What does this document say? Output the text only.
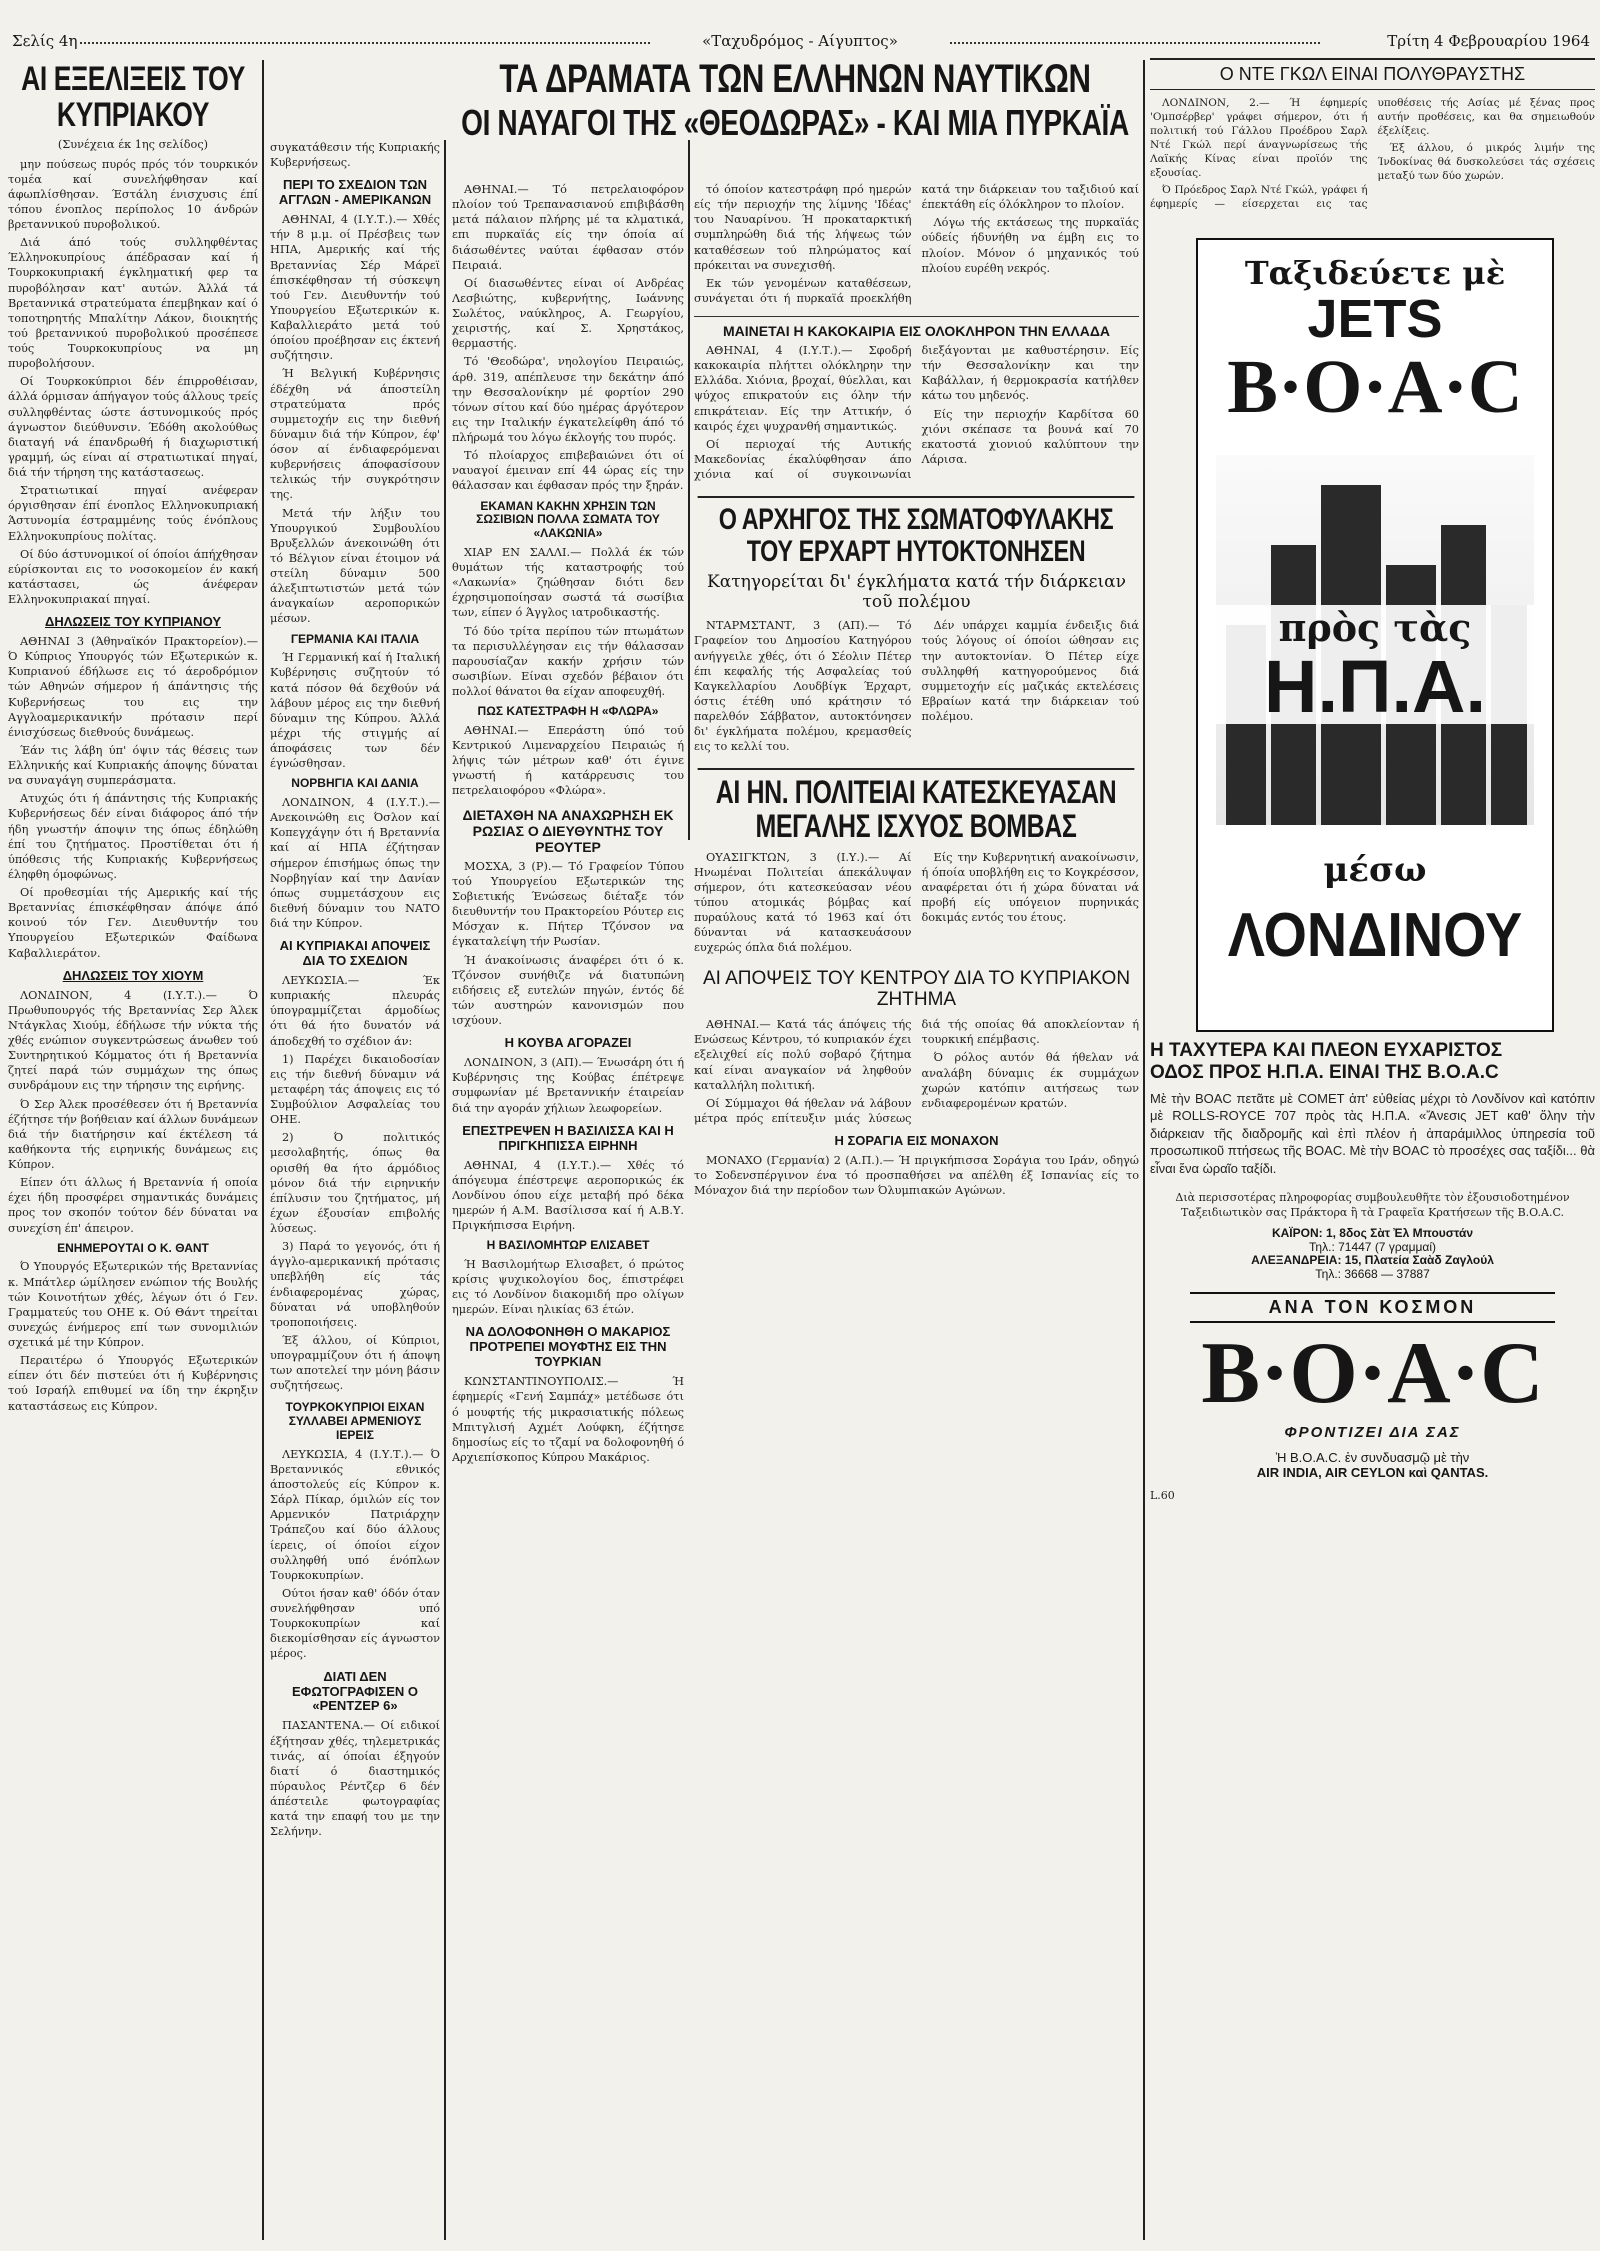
Σελίς 4η	«Ταχυδρόμος - Αίγυπτος»	Τρίτη 4 Φεβρουαρίου 1964
ΑΙ ΕΞΕΛΙΞΕΙΣ ΤΟΥ ΚΥΠΡΙΑΚΟΥ
(Συνέχεια έκ 1ης σελίδος)

μην πούσεως πυρός πρός τόν τουρκικόν τομέα καί συνελήφθησαν καί άφωπλίσθησαν. Έστάλη ένισχυσις έπί τόπου ένοπλος περίπολος 10 άνδρών βρεταννικού πυροβολικού.

Διά άπό τούς συλληφθέντας Έλληνοκυπρίους άπέδρασαν καί ή Τουρκοκυπριακή έγκληματική φερ τα πυροβόλησαν κατ' αυτών. Άλλά τά Βρεταννικά στρατεύματα έπεμβηκαν καί ό τοποτηρητής Μπαλίτην Λάκον, διοικητής τού βρεταννικού πυροβολικού προσέπεσε τούς Τουρκοκυπρίους να μη πυροβολήσουν.

Οί Τουρκοκύπριοι δέν έπιρροθέισαν, άλλά όρμισαν άπήγαγον τούς άλλους τρείς συλληφθέντας ώστε άστυνομικούς πρός άγνωστον διεύθυνσιν. Έδόθη ακολούθως διαταγή νά έπανδρωθή ή διαχωριστική γραμμή, ώς είναι αί στρατιωτικαί πηγαί, διά τήν τήρηση της κατάστασεως.

Στρατιωτικαί πηγαί ανέφεραν όργισθησαν έπί ένοπλος Ελληνοκυπριακή Άστυνομία έστραμμένης τούς ένόπλους Ελληνοκυπρίους πολίτας.

Οί δύο άστυνομικοί οί όποίοι άπήχθησαν εύρίσκονται εις το νοσοκομείον έν κακή κατάστασει, ώς άνέφεραν Ελληνοκυπριακαί πηγαί.

ΔΗΛΩΣΕΙΣ ΤΟΥ ΚΥΠΡΙΑΝΟΥ

ΑΘΗΝΑΙ 3 (Άθηναϊκόν Πρακτορείον).— Ό Κύπριος Υπουργός τών Εξωτερικών κ. Κυπριανού έδήλωσε εις τό άεροδρόμιον τών Αθηνών σήμερον ή άπάντησις τής Κυβερνήσεως του εις την Αγγλοαμερικανικήν πρότασιν περί ένισχύσεως διεθνούς δυνάμεως.

Έάν τις λάβη ύπ' όψιν τάς θέσεις των Ελληνικής καί Κυπριακής άποψης δύναται να συναγάγη συμπεράσματα.

Ατυχώς ότι ή άπάντησις τής Κυπριακής Κυβερνήσεως δέν είναι διάφορος άπό τήν ήδη γνωστήν άποψιν της όπως έδηλώθη έπί του ζητήματος. Προστίθεται ότι ή ύπόθεσις τής Κυπριακής Κυβερνήσεως έληφθη όμοφώνως.

Οί προθεσμίαι τής Αμερικής καί τής Βρεταννίας έπισκέφθησαν άπόψε άπό κοινού τόν Γεν. Διευθυντήν του Υπουργείου Εξωτερικών Φαίδωνα Καβαλλιεράτον.

ΔΗΛΩΣΕΙΣ ΤΟΥ ΧΙΟΥΜ

ΛΟΝΔΙΝΟΝ, 4 (Ι.Υ.Τ.).— Ό Πρωθυπουργός τής Βρεταννίας Σερ Άλεκ Ντάγκλας Χιούμ, έδήλωσε τήν νύκτα τής χθές ενώπιον συγκεντρώσεως άνωθεν τού Συντηρητικού Κόμματος ότι ή Βρεταννία ζητεί παρά τών συμμάχων της όπως συνδράμουν εις την τήρησιν της ειρήνης.

Ό Σερ Άλεκ προσέθεσεν ότι ή Βρεταννία έζήτησε τήν βοήθειαν καί άλλων δυνάμεων διά τήν διατήρησιν καί έκτέλεση τά καθήκοντα τής ειρηνικής δυνάμεως εις Κύπρον.

Είπεν ότι άλλως ή Βρεταννία ή οποία έχει ήδη προσφέρει σημαντικάς δυνάμεις προς τον σκοπόν τούτον δέν δύναται να συνεχίση έπ' άπειρον.

ΕΝΗΜΕΡΟΥΤΑΙ Ο Κ. ΘΑΝΤ

Ό Υπουργός Εξωτερικών τής Βρεταννίας κ. Μπάτλερ ώμίλησεν ενώπιον τής Βουλής τών Κοινοτήτων χθές, λέγων ότι ό Γεν. Γραμματεύς του ΟΗΕ κ. Ού Θάντ τηρείται συνεχώς ένήμερος επί των συνομιλιών σχετικά μέ την Κύπρον.

Περαιτέρω ό Υπουργός Εξωτερικών είπεν ότι δέν πιστεύει ότι ή Κυβέρνησις τού Ισραήλ επιθυμεί να ίδη την έκρηξιν καταστάσεως εις Κύπρον.

συγκατάθεσιν τής Κυπριακής Κυβερνήσεως.
ΠΕΡΙ ΤΟ ΣΧΕΔΙΟΝ ΤΩΝ ΑΓΓΛΩΝ - ΑΜΕΡΙΚΑΝΩΝ

ΑΘΗΝΑΙ, 4 (Ι.Υ.Τ.).— Χθές τήν 8 μ.μ. οί Πρέσβεις των ΗΠΑ, Αμερικής καί τής Βρεταννίας Σέρ Μάρεϊ έπισκέφθησαν τή σύσκεψη τού Γεν. Διευθυντήν τού Υπουργείου Εξωτερικών κ. Καβαλλιεράτο μετά τού όποίου προέβησαν εις έκτενή συζήτησιν.

Ή Βελγική Κυβέρνησις έδέχθη νά άποστείλη στρατεύματα πρός συμμετοχήν εις την διεθνή δύναμιν διά τήν Κύπρον, έφ' όσον αί ένδιαφερόμεναι κυβερνήσεις άποφασίσουν τελικώς τήν συγκρότησιν της.

Μετά τήν λήξιν του Υπουργικού Συμβουλίου Βρυξελλών άνεκοινώθη ότι τό Βέλγιον είναι έτοιμον νά στείλη δύναμιν 500 άλεξιπτωτιστών μετά τών άναγκαίων αεροπορικών μέσων.

ΓΕΡΜΑΝΙΑ ΚΑΙ ΙΤΑΛΙΑ

Ή Γερμανική καί ή Ιταλική Κυβέρνησις συζητούν τό κατά πόσον θά δεχθούν νά λάβουν μέρος εις την διεθνή δύναμιν της Κύπρου. Άλλά μέχρι τής στιγμής αί άποφάσεις των δέν έγνώσθησαν.

ΝΟΡΒΗΓΙΑ ΚΑΙ ΔΑΝΙΑ

ΛΟΝΔΙΝΟΝ, 4 (Ι.Υ.Τ.).— Ανεκοινώθη εις Όσλον καί Κοπεγχάγην ότι ή Βρεταννία καί αί ΗΠΑ έζήτησαν σήμερον έπισήμως όπως την Νορβηγίαν καί την Δανίαν όπως συμμετάσχουν εις διεθνή δύναμιν του ΝΑΤΟ διά την Κύπρον.

ΑΙ ΚΥΠΡΙΑΚΑΙ ΑΠΟΨΕΙΣ ΔΙΑ ΤΟ ΣΧΕΔΙΟΝ

ΛΕΥΚΩΣΙΑ.— Έκ κυπριακής πλευράς ύπογραμμίζεται άρμοδίως ότι θά ήτο δυνατόν νά άποδεχθή το σχέδιον άν:

1) Παρέχει δικαιοδοσίαν εις τήν διεθνή δύναμιν νά μεταφέρη τάς άποψεις εις τό Συμβούλιον Ασφαλείας του ΟΗΕ.

2) Ό πολιτικός μεσολαβητής, όπως θα ορισθή θα ήτο άρμόδιος μόνον διά τήν ειρηνικήν έπίλυσιν του ζητήματος, μή έχων έξουσίαν επιβολής λύσεως.

3) Παρά το γεγονός, ότι ή άγγλο-αμερικανική πρότασις υπεβλήθη είς τάς ένδιαφερομένας χώρας, δύναται νά υποβληθούν τροποποιήσεις.

Έξ άλλου, οί Κύπριοι, υπογραμμίζουν ότι ή άποψη των αποτελεί την μόνη βάσιν συζητήσεως.

ΤΟΥΡΚΟΚΥΠΡΙΟΙ ΕΙΧΑΝ ΣΥΛΛΑΒΕΙ ΑΡΜΕΝΙΟΥΣ ΙΕΡΕΙΣ

ΛΕΥΚΩΣΙΑ, 4 (Ι.Υ.Τ.).— Ό Βρεταννικός εθνικός άποστολεύς είς Κύπρον κ. Σάρλ Πίκαρ, όμιλών είς τον Αρμενικόν Πατριάρχην Τράπεζου καί δύο άλλους ίερεις, οί όποίοι είχον συλληφθή υπό ένόπλων Τουρκοκυπρίων.

Ούτοι ήσαν καθ' όδόν όταν συνελήφθησαν υπό Τουρκοκυπρίων καί διεκομίσθησαν είς άγνωστον μέρος.

ΔΙΑΤΙ ΔΕΝ ΕΦΩΤΟΓΡΑΦΙΣΕΝ Ο «ΡΕΝΤΖΕΡ 6»

ΠΑΣΑΝΤΕΝΑ.— Οί ειδικοί έξήτησαν χθές, τηλεμετρικάς τινάς, αί όποίαι έξηγούν διατί ό διαστημικός πύραυλος Ρέντζερ 6 δέν άπέστειλε φωτογραφίας κατά την επαφή του με την Σελήνην.

ΤΑ ΔΡΑΜΑΤΑ ΤΩΝ ΕΛΛΗΝΩΝ ΝΑΥΤΙΚΩΝ
ΟΙ ΝΑΥΑΓΟΙ ΤΗΣ «ΘΕΟΔΩΡΑΣ» - ΚΑΙ ΜΙΑ ΠΥΡΚΑΪΑ

ΑΘΗΝΑΙ.— Τό πετρελαιοφόρον πλοίον τού Τρεπανασιανού επιβιβάσθη μετά πάλαιον πλήρης μέ τα κλματικά, επι πυρκαϊάς είς την όποία αί διάσωθέντες ναύται έφθασαν στόν Πειραιά.

Οί διασωθέντες είναι οί Ανδρέας Λεσβιώτης, κυβερνήτης, Ιωάννης Σωλέτος, ναύκληρος, Α. Γεωργίου, χειριστής, καί Σ. Χρηστάκος, θερμαστής.

Τό 'Θεοδώρα', νηολογίου Πειραιώς, άρθ. 319, απέπλευσε την δεκάτην άπό την Θεσσαλονίκην μέ φορτίον 290 τόνων σίτου καί δύο ημέρας άργότερον εις την Ιταλικήν έγκατελείφθη άπό τό πλήρωμά του λόγω έκλογής του πυρός.

Τό πλοίαρχος επιβεβαιώνει ότι οί ναυαγοί έμειναν επί 44 ώρας είς την θάλασσαν και έφθασαν πρός την ξηράν.

ΕΚΑΜΑΝ ΚΑΚΗΝ ΧΡΗΣΙΝ ΤΩΝ ΣΩΣΙΒΙΩΝ ΠΟΛΛΑ ΣΩΜΑΤΑ ΤΟΥ «ΛΑΚΩΝΙΑ»

ΧΙΑΡ ΕΝ ΣΑΛΛΙ.— Πολλά έκ τών θυμάτων τής καταστροφής τού «Λακωνία» ζηώθησαν διότι δεν έχρησιμοποίησαν σωστά τά σωσίβια των, είπεν ό Άγγλος ιατροδικαστής.

Τό δύο τρίτα περίπου τών πτωμάτων τα περισυλλέγησαν εις τήν θάλασσαν παρουσίαζαν κακήν χρήσιν τών σωσιβίων. Είναι σχεδόν βέβαιον ότι πολλοί θάνατοι θα είχαν αποφευχθή.

ΠΩΣ ΚΑΤΕΣΤΡΑΦΗ Η «ΦΛΩΡΑ»

ΑΘΗΝΑΙ.— Επεράστη ύπό τού Κεντρικού Λιμεναρχείου Πειραιώς ή λήψις τών μέτρων καθ' ότι έγινε γνωστή ή κατάρρευσις του πετρελαιοφόρου «Φλώρα».

ΔΙΕΤΑΧΘΗ ΝΑ ΑΝΑΧΩΡΗΣΗ ΕΚ ΡΩΣΙΑΣ Ο ΔΙΕΥΘΥΝΤΗΣ ΤΟΥ ΡΕΟΥΤΕΡ

ΜΟΣΧΑ, 3 (Ρ).— Τό Γραφείον Τύπου τού Υπουργείου Εξωτερικών της Σοβιετικής Ένώσεως διέταξε τόν διευθυντήν του Πρακτορείου Ρόυτερ εις Μόσχαν κ. Πήτερ Τζόνσον να έγκαταλείψη τήν Ρωσίαν.

Ή άνακοίνωσις άναφέρει ότι ό κ. Τζόνσον συνήθιζε νά διατυπώνη ειδήσεις εξ ευτελών πηγών, έντός δέ τών αυστηρών κανονισμών που ισχύουν.

Η ΚΟΥΒΑ ΑΓΟΡΑΖΕΙ

ΛΟΝΔΙΝΟΝ, 3 (ΑΠ).— Ένωσάρη ότι ή Κυβέρνησις της Κούβας έπέτρεψε συμφωνίαν μέ Βρεταννικήν έταιρείαν διά την αγοράν χήλιων λεωφορείων.

ΕΠΕΣΤΡΕΨΕΝ Η ΒΑΣΙΛΙΣΣΑ ΚΑΙ Η ΠΡΙΓΚΗΠΙΣΣΑ ΕΙΡΗΝΗ

ΑΘΗΝΑΙ, 4 (Ι.Υ.Τ.).— Χθές τό άπόγευμα έπέστρεψε αεροπορικώς έκ Λονδίνου όπου είχε μεταβή πρό δέκα ημερών ή Α.Μ. Βασίλισσα καί ή Α.Β.Υ. Πριγκήπισσα Ειρήνη.

Η ΒΑΣΙΛΟΜΗΤΩΡ ΕΛΙΣΑΒΕΤ

Ή Βασιλομήτωρ Ελισαβετ, ό πρώτος κρίσις ψυχικολογίου δος, έπιστρέφει εις τό Λονδίνον διακομιδή προ ολίγων ημερών. Είναι ηλικίας 63 έτών.

ΝΑ ΔΟΛΟΦΟΝΗΘΗ Ο ΜΑΚΑΡΙΟΣ ΠΡΟΤΡΕΠΕΙ ΜΟΥΦΤΗΣ ΕΙΣ ΤΗΝ ΤΟΥΡΚΙΑΝ

ΚΩΝΣΤΑΝΤΙΝΟΥΠΟΛΙΣ.— Ή έφημερίς «Γενή Σαμπάχ» μετέδωσε ότι ό μουφτής τής μικρασιατικής πόλεως Μπιτγλισή Αχμέτ Λούφκη, έζήτησε δημοσίως είς το τζαμί να δολοφονηθή ό Αρχιεπίσκοπος Κύπρου Μακάριος.

τό όποίον κατεστράφη πρό ημερών είς τήν περιοχήν της λίμνης 'Ιδέας' του Ναυαρίνου. Ή προκαταρκτική συμπληρώθη διά τής λήψεως τών καταθέσεων τού πληρώματος καί πρόκειται να συνεχισθή.

Εκ τών γενομένων καταθέσεων, συνάγεται ότι ή πυρκαϊά προεκλήθη κατά την διάρκειαν του ταξιδιού καί έπεκτάθη είς όλόκληρον το πλοίον.

Λόγω τής εκτάσεως της πυρκαϊάς ούδείς ήδυνήθη να έμβη εις το πλοίον. Μόνον ό μηχανικός τού πλοίου ευρέθη νεκρός.

ΜΑΙΝΕΤΑΙ Η ΚΑΚΟΚΑΙΡΙΑ ΕΙΣ ΟΛΟΚΛΗΡΟΝ ΤΗΝ ΕΛΛΑΔΑ

ΑΘΗΝΑΙ, 4 (Ι.Υ.Τ.).— Σφοδρή κακοκαιρία πλήττει ολόκληρην την Ελλάδα. Χιόνια, βροχαί, θύελλαι, και ψύχος επικρατούν εις όλην τήν επικράτειαν. Είς την Αττικήν, ό καιρός έχει ψυχρανθή σημαντικώς.

Οί περιοχαί τής Αυτικής Μακεδονίας έκαλύφθησαν άπο χιόνια καί οί συγκοινωνίαι διεξάγονται με καθυστέρησιν. Είς τήν Θεσσαλονίκην και την Καβάλλαν, ή θερμοκρασία κατήλθεν κάτω του μηδενός.

Είς την περιοχήν Καρδίτσα 60 χιόνι σκέπασε τα βουνά καί 70 εκατοστά χιονιού καλύπτουν την Λάρισα.

Ο ΑΡΧΗΓΟΣ ΤΗΣ ΣΩΜΑΤΟΦΥΛΑΚΗΣ ΤΟΥ ΕΡΧΑΡΤ ΗΥΤΟΚΤΟΝΗΣΕΝ
Κατηγορείται δι' έγκλήματα κατά τήν διάρκειαν τοῦ πολέμου

ΝΤΑΡΜΣΤΑΝΤ, 3 (ΑΠ).— Τό Γραφείον του Δημοσίου Κατηγόρου ανήγγειλε χθές, ότι ό Σέολιν Πέτερ έπι κεφαλής τής Ασφαλείας τού Καγκελλαρίου Λουδβίγκ Έρχαρτ, όστις έτέθη υπό κράτησιν τό παρελθόν Σάββατον, αυτοκτόνησεν δι' έγκλήματα πολέμου, κρεμασθείς εις το κελλί του.

Δέν υπάρχει καμμία ένδειξις διά τούς λόγους οί όποίοι ώθησαν εις την αυτοκτονίαν. Ό Πέτερ είχε συλληφθή κατηγορούμενος διά συμμετοχήν είς μαζικάς εκτελέσεις Εβραίων κατά την διάρκειαν τού πολέμου.

ΑΙ ΗΝ. ΠΟΛΙΤΕΙΑΙ ΚΑΤΕΣΚΕΥΑΣΑΝ ΜΕΓΑΛΗΣ ΙΣΧΥΟΣ ΒΟΜΒΑΣ

ΟΥΑΣΙΓΚΤΩΝ, 3 (Ι.Υ.).— Αί Ηνωμέναι Πολιτείαι άπεκάλυψαν σήμερον, ότι κατεσκεύασαν νέου τύπου ατομικάς βόμβας καί πυραύλους κατά τό 1963 καί ότι δύνανται νά κατασκευάσουν ευχερώς όπλα διά πολέμου.

Είς την Κυβερνητική ανακοίνωσιν, ή όποία υποβλήθη εις το Κογκρέσσον, αναφέρεται ότι ή χώρα δύναται νά προβή είς υπόγειον πυρηνικάς δοκιμάς εντός του έτους.

ΑΙ ΑΠΟΨΕΙΣ ΤΟΥ ΚΕΝΤΡΟΥ ΔΙΑ ΤΟ ΚΥΠΡΙΑΚΟΝ ΖΗΤΗΜΑ

ΑΘΗΝΑΙ.— Κατά τάς άπόψεις τής Ενώσεως Κέντρου, τό κυπριακόν έχει εξελιχθεί είς πολύ σοβαρό ζήτημα καί είναι αναγκαίον νά ληφθούν καταλλήλη πολιτική.

Οί Σύμμαχοι θά ήθελαν νά λάβουν μέτρα πρός επίτευξιν μιάς λύσεως διά τής οποίας θά αποκλείονταν ή τουρκική επέμβασις.

Ό ρόλος αυτόν θά ήθελαν νά αναλάβη δύναμις έκ συμμάχων χωρών κατόπιν αιτήσεως των ενδιαφερομένων κρατών.

Η ΣΟΡΑΓΙΑ ΕΙΣ ΜΟΝΑΧΟΝ

ΜΟΝΑΧΟ (Γερμανία) 2 (Α.Π.).— Ή πριγκήπισσα Σοράγια του Ιράν, οδηγώ το Σοδενσπέργινον ένα τό προσπαθήσει να απέλθη έξ Ισπανίας είς το Μόναχον διά την περίοδον των Όλυμπιακών Αγώνων.

Ο ΝΤΕ ΓΚΩΛ ΕΙΝΑΙ ΠΟΛΥΘΡΑΥΣΤΗΣ

ΛΟΝΔΙΝΟΝ, 2.— Ή έφημερίς 'Ομπσέρβερ' γράφει σήμερον, ότι ή πολιτική τού Γάλλου Προέδρου Σαρλ Ντέ Γκώλ περί άναγνωρίσεως τής Λαϊκής Κίνας είναι προϊόν της εξουσίας.

Ό Πρόεδρος Σαρλ Ντέ Γκώλ, γράφει ή έφημερίς — είσερχεται εις τας υποθέσεις τής Ασίας μέ ξένας προς αυτήν προθέσεις, και θα σημειωθούν έξελίξεις.

Έξ άλλου, ό μικρός λιμήν της Ίνδοκίνας θά δυσκολεύσει τάς σχέσεις μεταξύ των δύο χωρών.

Ταξιδεύετε μὲ
JETS
B·O·A·C
πρὸς τὰς
Η.Π.Α.
μέσω
ΛΟΝΔΙΝΟΥ
Η ΤΑΧΥΤΕΡΑ ΚΑΙ ΠΛΕΟΝ ΕΥΧΑΡΙΣΤΟΣ
ΟΔΟΣ ΠΡΟΣ Η.Π.Α. ΕΙΝΑΙ ΤΗΣ B.O.A.C
Μὲ τὴν BOAC πετᾶτε μὲ COMET ἀπ' εὐθείας μέχρι τὸ Λονδίνον καὶ κατόπιν μὲ ROLLS-ROYCE 707 πρὸς τὰς Η.Π.Α. «Ἄνεσις JET καθ' ὅλην τὴν διάρκειαν τῆς διαδρομῆς καὶ ἐπὶ πλέον ἡ ἀπαράμιλλος ὑπηρεσία τοῦ προσωπικοῦ πτήσεως τῆς BOAC. Μὲ τὴν BOAC τὸ προσέχες σας ταξίδι... θὰ εἶναι ἕνα ὡραῖο ταξίδι.
Διὰ περισσοτέρας πληροφορίας συμβουλευθῆτε τὸν ἐξουσιοδοτημένον Ταξειδιωτικὸν σας Πράκτορα ἢ τὰ Γραφεῖα Κρατήσεων τῆς B.O.A.C.
ΚΑΪΡΟΝ: 1, 8δος Σὰτ Ἐλ Μπουστάν
Τηλ.: 71447 (7 γραμμαί)
ΑΛΕΞΑΝΔΡΕΙΑ: 15, Πλατεία Σαὰδ Ζαγλούλ
Τηλ.: 36668 — 37887
ΑΝΑ ΤΟΝ ΚΟΣΜΟΝ
B·O·A·C
ΦΡΟΝΤΙΖΕΙ ΔΙΑ ΣΑΣ
Ἡ B.O.A.C. ἐν συνδυασμῷ μὲ τὴν
AIR INDIA, AIR CEYLON καὶ QANTAS.
L.60
